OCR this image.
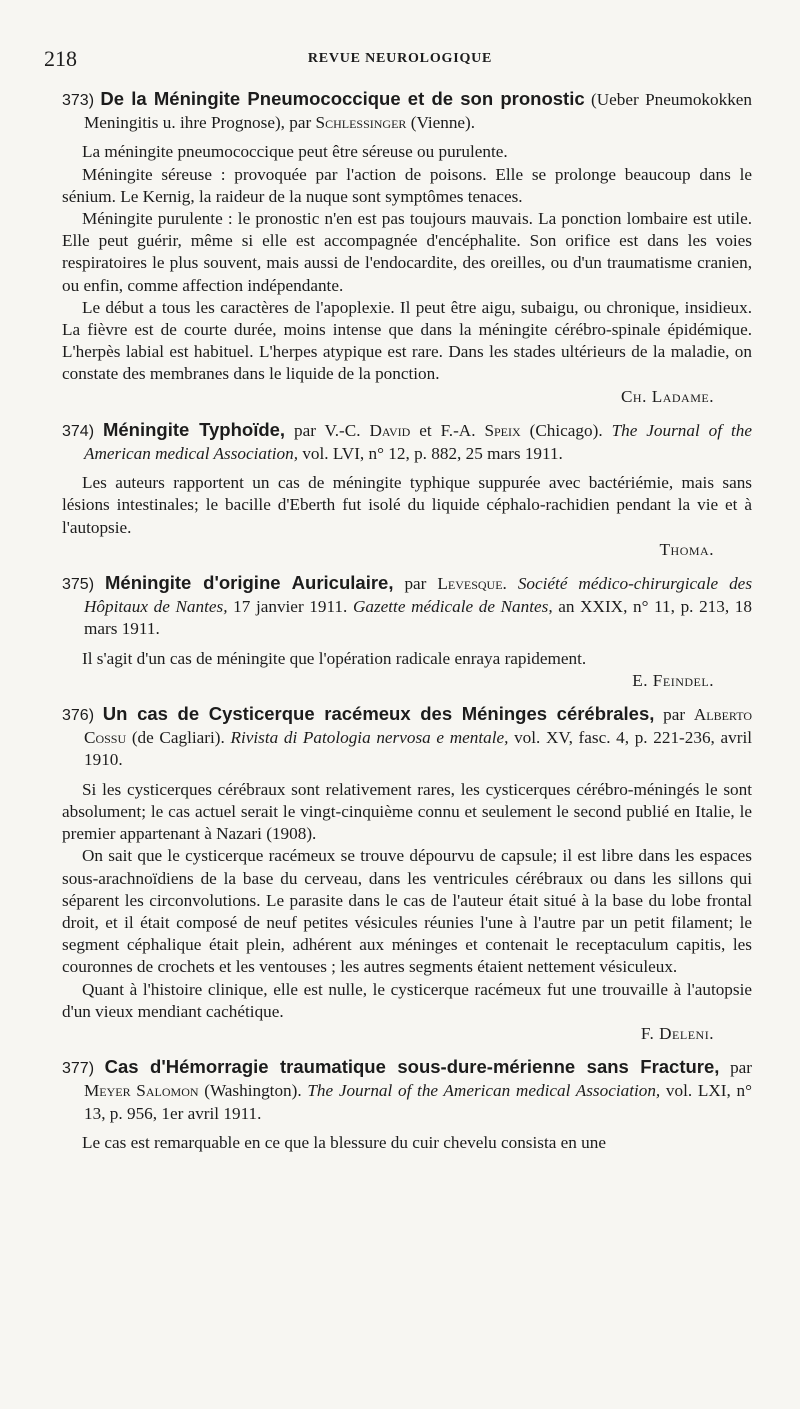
218	REVUE NEUROLOGIQUE
373) De la Méningite Pneumococcique et de son pronostic (Ueber Pneumokokken Meningitis u. ihre Prognose), par Schlessinger (Vienne).

La méningite pneumococcique peut être séreuse ou purulente.

Méningite séreuse : provoquée par l'action de poisons. Elle se prolonge beaucoup dans le sénium. Le Kernig, la raideur de la nuque sont symptômes tenaces.

Méningite purulente : le pronostic n'en est pas toujours mauvais. La ponction lombaire est utile. Elle peut guérir, même si elle est accompagnée d'encéphalite. Son orifice est dans les voies respiratoires le plus souvent, mais aussi de l'endocardite, des oreilles, ou d'un traumatisme cranien, ou enfin, comme affection indépendante.

Le début a tous les caractères de l'apoplexie. Il peut être aigu, subaigu, ou chronique, insidieux. La fièvre est de courte durée, moins intense que dans la méningite cérébro-spinale épidémique. L'herpès labial est habituel. L'herpes atypique est rare. Dans les stades ultérieurs de la maladie, on constate des membranes dans le liquide de la ponction.

Ch. Ladame.
374) Méningite Typhoïde, par V.-C. David et F.-A. Speix (Chicago). The Journal of the American medical Association, vol. LVI, n° 12, p. 882, 25 mars 1911.

Les auteurs rapportent un cas de méningite typhique suppurée avec bactériémie, mais sans lésions intestinales; le bacille d'Eberth fut isolé du liquide céphalo-rachidien pendant la vie et à l'autopsie.

Thoma.
375) Méningite d'origine Auriculaire, par Levesque. Société médico-chirurgicale des Hôpitaux de Nantes, 17 janvier 1911. Gazette médicale de Nantes, an XXIX, n° 11, p. 213, 18 mars 1911.

Il s'agit d'un cas de méningite que l'opération radicale enraya rapidement.

E. Feindel.
376) Un cas de Cysticerque racémeux des Méninges cérébrales, par Alberto Cossu (de Cagliari). Rivista di Patologia nervosa e mentale, vol. XV, fasc. 4, p. 221-236, avril 1910.

Si les cysticerques cérébraux sont relativement rares, les cysticerques cérébro-méningés le sont absolument; le cas actuel serait le vingt-cinquième connu et seulement le second publié en Italie, le premier appartenant à Nazari (1908).

On sait que le cysticerque racémeux se trouve dépourvu de capsule; il est libre dans les espaces sous-arachnoïdiens de la base du cerveau, dans les ventricules cérébraux ou dans les sillons qui séparent les circonvolutions. Le parasite dans le cas de l'auteur était situé à la base du lobe frontal droit, et il était composé de neuf petites vésicules réunies l'une à l'autre par un petit filament; le segment céphalique était plein, adhérent aux méninges et contenait le receptaculum capitis, les couronnes de crochets et les ventouses ; les autres segments étaient nettement vésiculeux.

Quant à l'histoire clinique, elle est nulle, le cysticerque racémeux fut une trouvaille à l'autopsie d'un vieux mendiant cachétique.

F. Deleni.
377) Cas d'Hémorragie traumatique sous-dure-mérienne sans Fracture, par Meyer Salomon (Washington). The Journal of the American medical Association, vol. LXI, n° 13, p. 956, 1er avril 1911.

Le cas est remarquable en ce que la blessure du cuir chevelu consista en une
